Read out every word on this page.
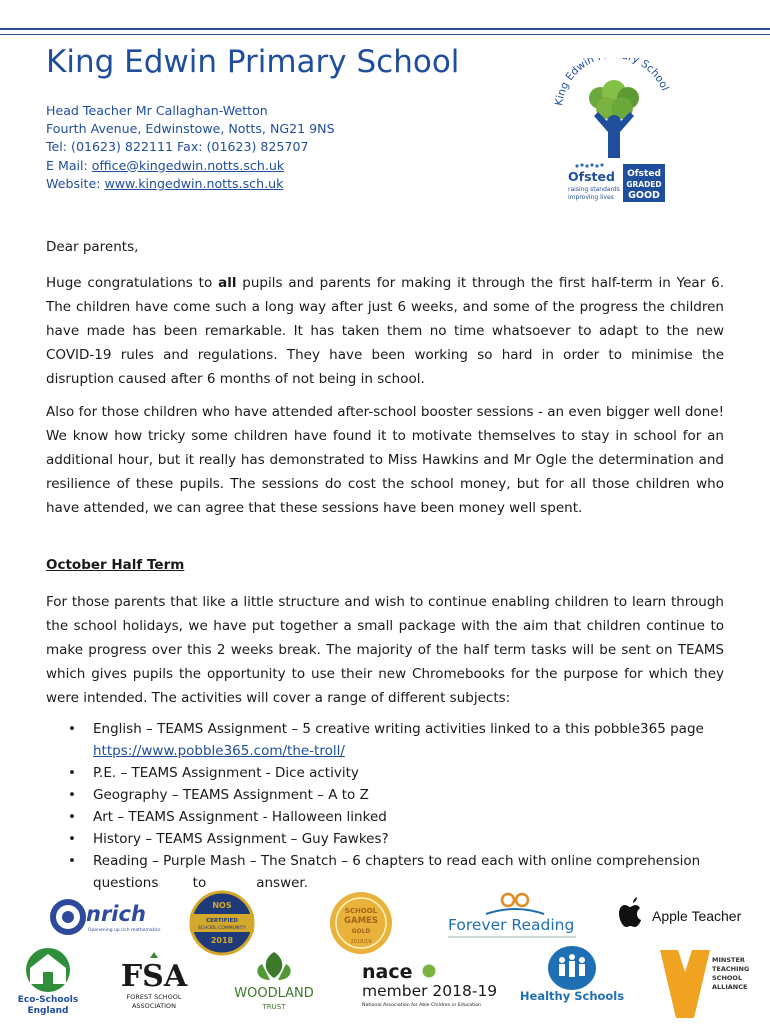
King Edwin Primary School
Head Teacher Mr Callaghan-Wetton
Fourth Avenue, Edwinstowe, Notts, NG21 9NS
Tel: (01623) 822111 Fax: (01623) 825707
E Mail: office@kingedwin.notts.sch.uk
Website: www.kingedwin.notts.sch.uk
King Edwin y School
Ofsted
raising standards
improving lives
Ofsted
GRADED
GOOD
Dear parents,

Huge congratulations to all pupils and parents for making it through the first half-term in Year 6. The children have come such a long way after just 6 weeks, and some of the progress the children have made has been remarkable. It has taken them no time whatsoever to adapt to the new COVID-19 rules and regulations. They have been working so hard in order to minimise the disruption caused after 6 months of not being in school.

Also for those children who have attended after-school booster sessions - an even bigger well done! We know how tricky some children have found it to motivate themselves to stay in school for an additional hour, but it really has demonstrated to Miss Hawkins and Mr Ogle the determination and resilience of these pupils. The sessions do cost the school money, but for all those children who have attended, we can agree that these sessions have been money well spent.

October Half Term

For those parents that like a little structure and wish to continue enabling children to learn through the school holidays, we have put together a small package with the aim that children continue to make progress over this 2 weeks break. The majority of the half term tasks will be sent on TEAMS which gives pupils the opportunity to use their new Chromebooks for the purpose for which they were intended. The activities will cover a range of different subjects:

• English – TEAMS Assignment – 5 creative writing activities linked to a this pobble365 page https://www.pobble365.com/the-troll/
• P.E. – TEAMS Assignment - Dice activity
• Geography – TEAMS Assignment – A to Z
• Art – TEAMS Assignment - Halloween linked
• History – TEAMS Assignment – Guy Fawkes?
• Reading – Purple Mash – The Snatch – 6 chapters to read each with online comprehension questions	to	answer.
nrich
Openening up rich mathematics
NOS
CERTIFIED
SCHOOL COMMUNITY
2018
SCHOOL
GAMES
GOLD
2018/19
Forever Reading	Apple Teacher
Eco-Schools
England
FSA
FOREST SCHOOL
ASSOCIATION
WOODLAND
TRUST
nace
member 2018-19
National Association for Able Children in Education
Healthy Schools
MINSTER
TEACHING
SCHOOL
ALLIANCE
